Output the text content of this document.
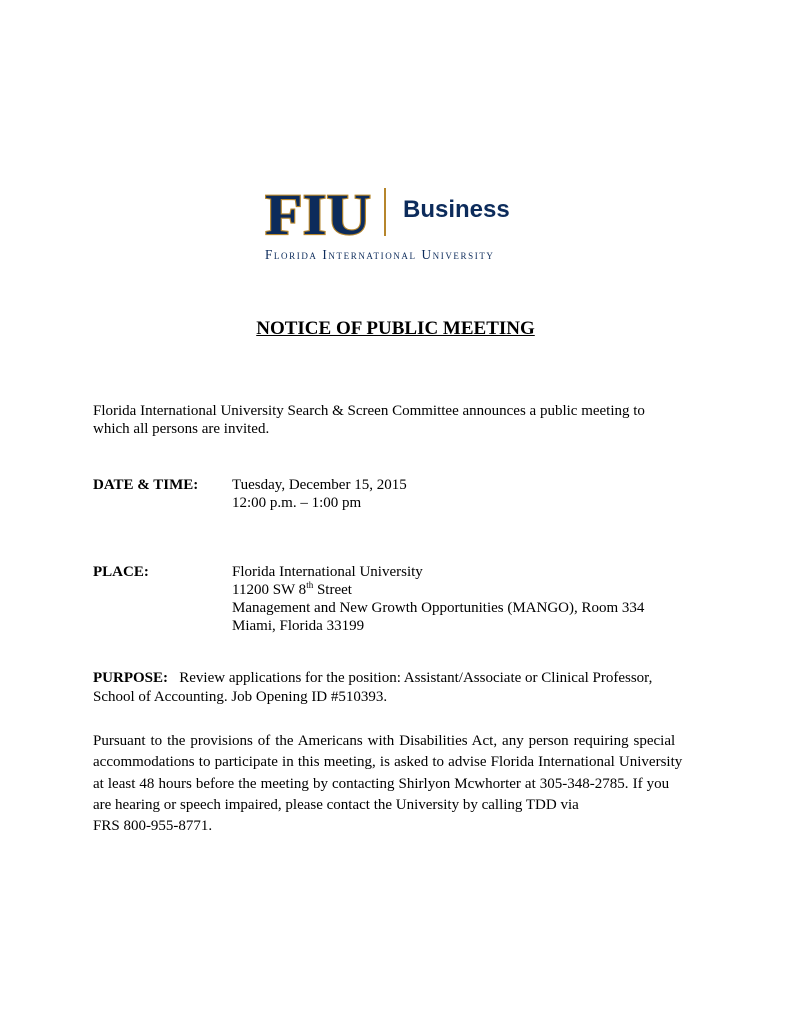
FIU Business
Florida International University
NOTICE OF PUBLIC MEETING
Florida International University Search & Screen Committee announces a public meeting to
which all persons are invited.
DATE & TIME: Tuesday, December 15, 2015
12:00 p.m. – 1:00 pm
PLACE:	Florida International University
11200 SW 8th Street
Management and New Growth Opportunities (MANGO), Room 334
Miami, Florida 33199
PURPOSE: Review applications for the position: Assistant/Associate or Clinical Professor,
School of Accounting. Job Opening ID #510393.
Pursuant to the provisions of the Americans with Disabilities Act, any person requiring special
accommodations to participate in this meeting, is asked to advise Florida International University
at least 48 hours before the meeting by contacting Shirlyon Mcwhorter at 305-348-2785. If you
are hearing or speech impaired, please contact the University by calling TDD via
FRS 800-955-8771.
